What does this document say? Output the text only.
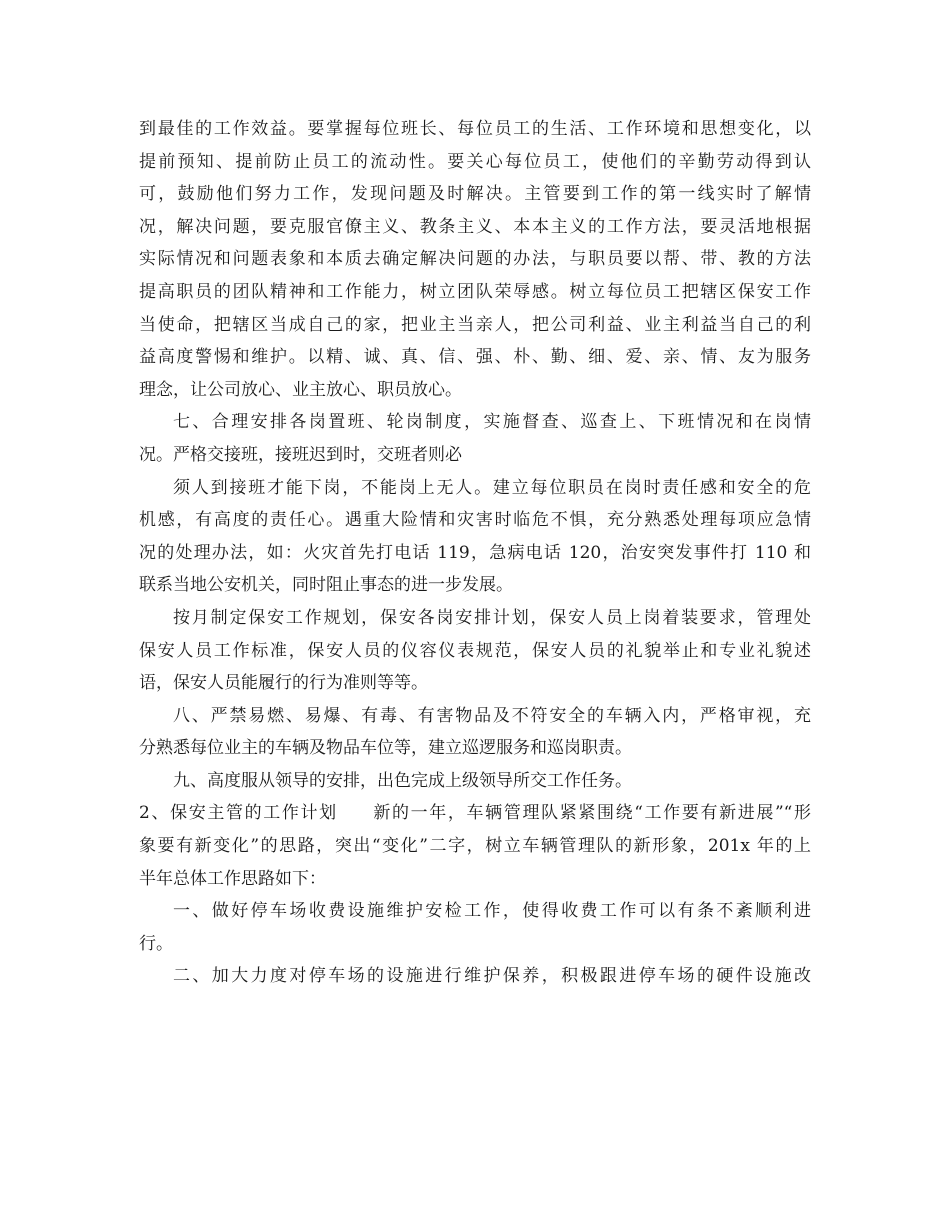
到最佳的工作效益。要掌握每位班长、每位员工的生活、工作环境和思想变化，以
提前预知、提前防止员工的流动性。要关心每位员工，使他们的辛勤劳动得到认
可，鼓励他们努力工作，发现问题及时解决。主管要到工作的第一线实时了解情
况，解决问题，要克服官僚主义、教条主义、本本主义的工作方法，要灵活地根据
实际情况和问题表象和本质去确定解决问题的办法，与职员要以帮、带、教的方法
提高职员的团队精神和工作能力，树立团队荣辱感。树立每位员工把辖区保安工作
当使命，把辖区当成自己的家，把业主当亲人，把公司利益、业主利益当自己的利
益高度警惕和维护。以精、诚、真、信、强、朴、勤、细、爱、亲、情、友为服务
理念，让公司放心、业主放心、职员放心。
七、合理安排各岗置班、轮岗制度，实施督查、巡查上、下班情况和在岗情
况。严格交接班，接班迟到时，交班者则必
须人到接班才能下岗，不能岗上无人。建立每位职员在岗时责任感和安全的危
机感，有高度的责任心。遇重大险情和灾害时临危不惧，充分熟悉处理每项应急情
况的处理办法，如：火灾首先打电话 119，急病电话 120，治安突发事件打 110 和
联系当地公安机关，同时阻止事态的进一步发展。
按月制定保安工作规划，保安各岗安排计划，保安人员上岗着装要求，管理处
保安人员工作标准，保安人员的仪容仪表规范，保安人员的礼貌举止和专业礼貌述
语，保安人员能履行的行为准则等等。
八、严禁易燃、易爆、有毒、有害物品及不符安全的车辆入内，严格审视，充
分熟悉每位业主的车辆及物品车位等，建立巡逻服务和巡岗职责。
九、高度服从领导的安排，出色完成上级领导所交工作任务。
2、保安主管的工作计划 新的一年，车辆管理队紧紧围绕“工作要有新进展”“形
象要有新变化”的思路，突出“变化”二字，树立车辆管理队的新形象，201x 年的上
半年总体工作思路如下：
一、做好停车场收费设施维护安检工作，使得收费工作可以有条不紊顺利进
行。
二、加大力度对停车场的设施进行维护保养，积极跟进停车场的硬件设施改
